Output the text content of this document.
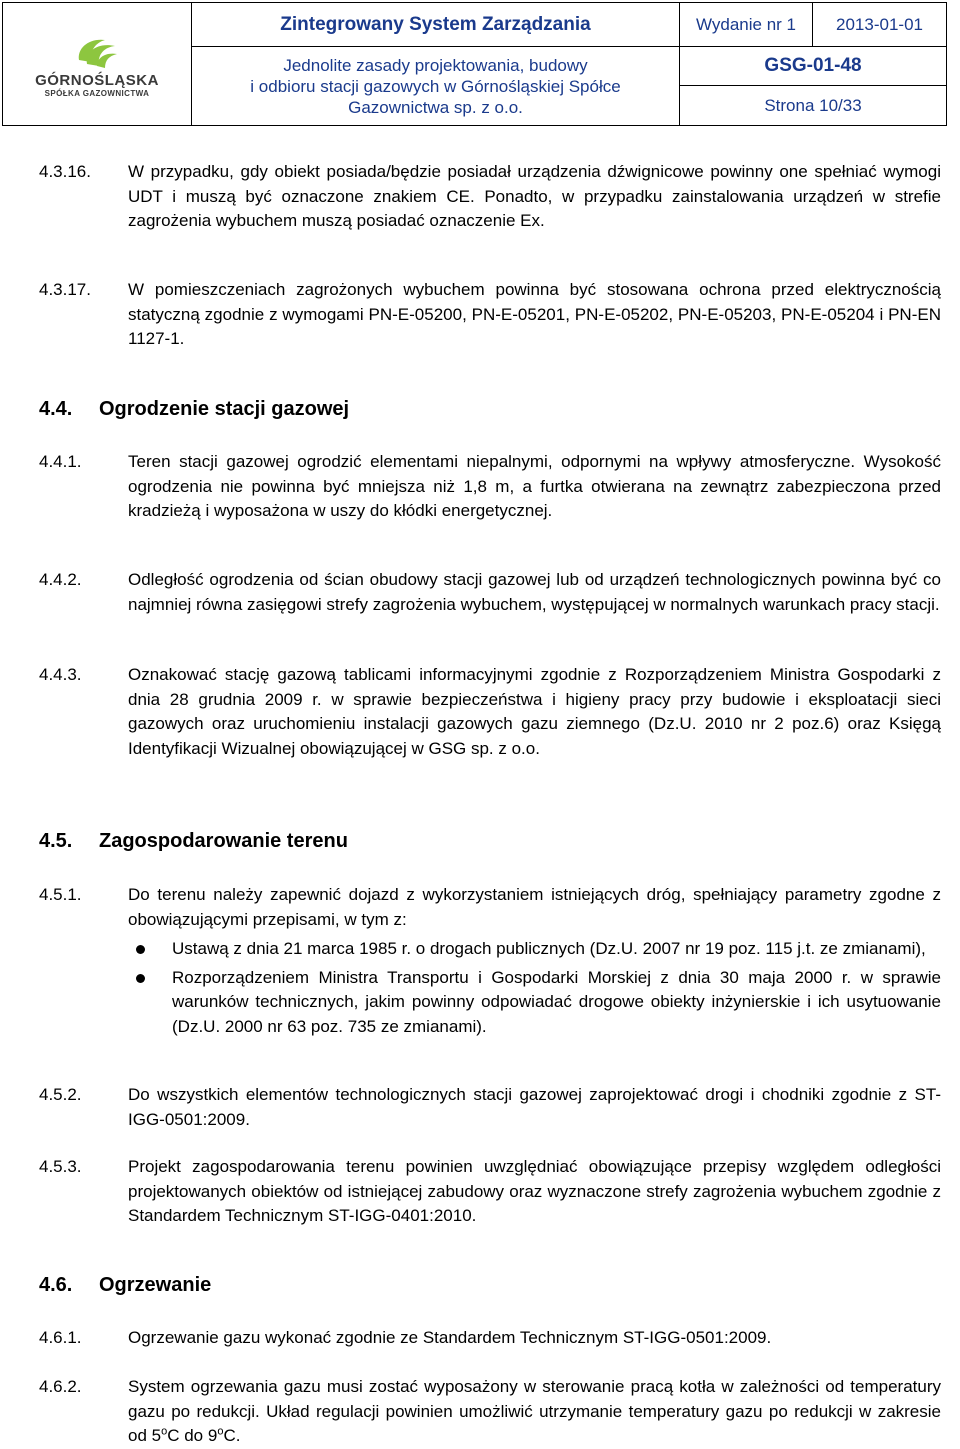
GÓRNOŚLĄSKA
SPÓŁKA GAZOWNICTWA	Zintegrowany System Zarządzania	Wydanie nr 1	2013-01-01

	Jednolite zasady projektowania, budowy
i odbioru stacji gazowych w Górnośląskiej Spółce
Gazownictwa sp. z o.o.	GSG-01-48	
		Strona 10/33	
4.3.16. W przypadku, gdy obiekt posiada/będzie posiadał urządzenia dźwignicowe powinny one spełniać wymogi UDT i muszą być oznaczone znakiem CE. Ponadto, w przypadku zainstalowania urządzeń w strefie zagrożenia wybuchem muszą posiadać oznaczenie Ex.
4.3.17. W pomieszczeniach zagrożonych wybuchem powinna być stosowana ochrona przed elektrycznością statyczną zgodnie z wymogami PN-E-05200, PN-E-05201, PN-E-05202, PN-E-05203, PN-E-05204 i PN-EN 1127-1.
4.4. Ogrodzenie stacji gazowej
4.4.1.	Teren stacji gazowej ogrodzić elementami niepalnymi, odpornymi na wpływy atmosferyczne. Wysokość ogrodzenia nie powinna być mniejsza niż 1,8 m, a furtka otwierana na zewnątrz zabezpieczona przed kradzieżą i wyposażona w uszy do kłódki energetycznej.
4.4.2.	Odległość ogrodzenia od ścian obudowy stacji gazowej lub od urządzeń technologicznych powinna być co najmniej równa zasięgowi strefy zagrożenia wybuchem, występującej w normalnych warunkach pracy stacji.
4.4.3.	Oznakować stację gazową tablicami informacyjnymi zgodnie z Rozporządzeniem Ministra Gospodarki z dnia 28 grudnia 2009 r. w sprawie bezpieczeństwa i higieny pracy przy budowie i eksploatacji sieci gazowych oraz uruchomieniu instalacji gazowych gazu ziemnego (Dz.U. 2010 nr 2 poz.6) oraz Księgą Identyfikacji Wizualnej obowiązującej w GSG sp. z o.o.
4.5. Zagospodarowanie terenu
4.5.1.	Do terenu należy zapewnić dojazd z wykorzystaniem istniejących dróg, spełniający parametry zgodne z obowiązującymi przepisami, w tym z:
Ustawą z dnia 21 marca 1985 r. o drogach publicznych (Dz.U. 2007 nr 19 poz. 115 j.t. ze zmianami),
Rozporządzeniem Ministra Transportu i Gospodarki Morskiej z dnia 30 maja 2000 r. w sprawie warunków technicznych, jakim powinny odpowiadać drogowe obiekty inżynierskie i ich usytuowanie (Dz.U. 2000 nr 63 poz. 735 ze zmianami).
4.5.2.	Do wszystkich elementów technologicznych stacji gazowej zaprojektować drogi i chodniki zgodnie z ST-IGG-0501:2009.
4.5.3.	Projekt zagospodarowania terenu powinien uwzględniać obowiązujące przepisy względem odległości projektowanych obiektów od istniejącej zabudowy oraz wyznaczone strefy zagrożenia wybuchem zgodnie z Standardem Technicznym ST-IGG-0401:2010.
4.6. Ogrzewanie
4.6.1.	Ogrzewanie gazu wykonać zgodnie ze Standardem Technicznym ST-IGG-0501:2009.
4.6.2.	System ogrzewania gazu musi zostać wyposażony w sterowanie pracą kotła w zależności od temperatury gazu po redukcji. Układ regulacji powinien umożliwić utrzymanie temperatury gazu po redukcji w zakresie od 5$^o$C do 9$^o$C.
